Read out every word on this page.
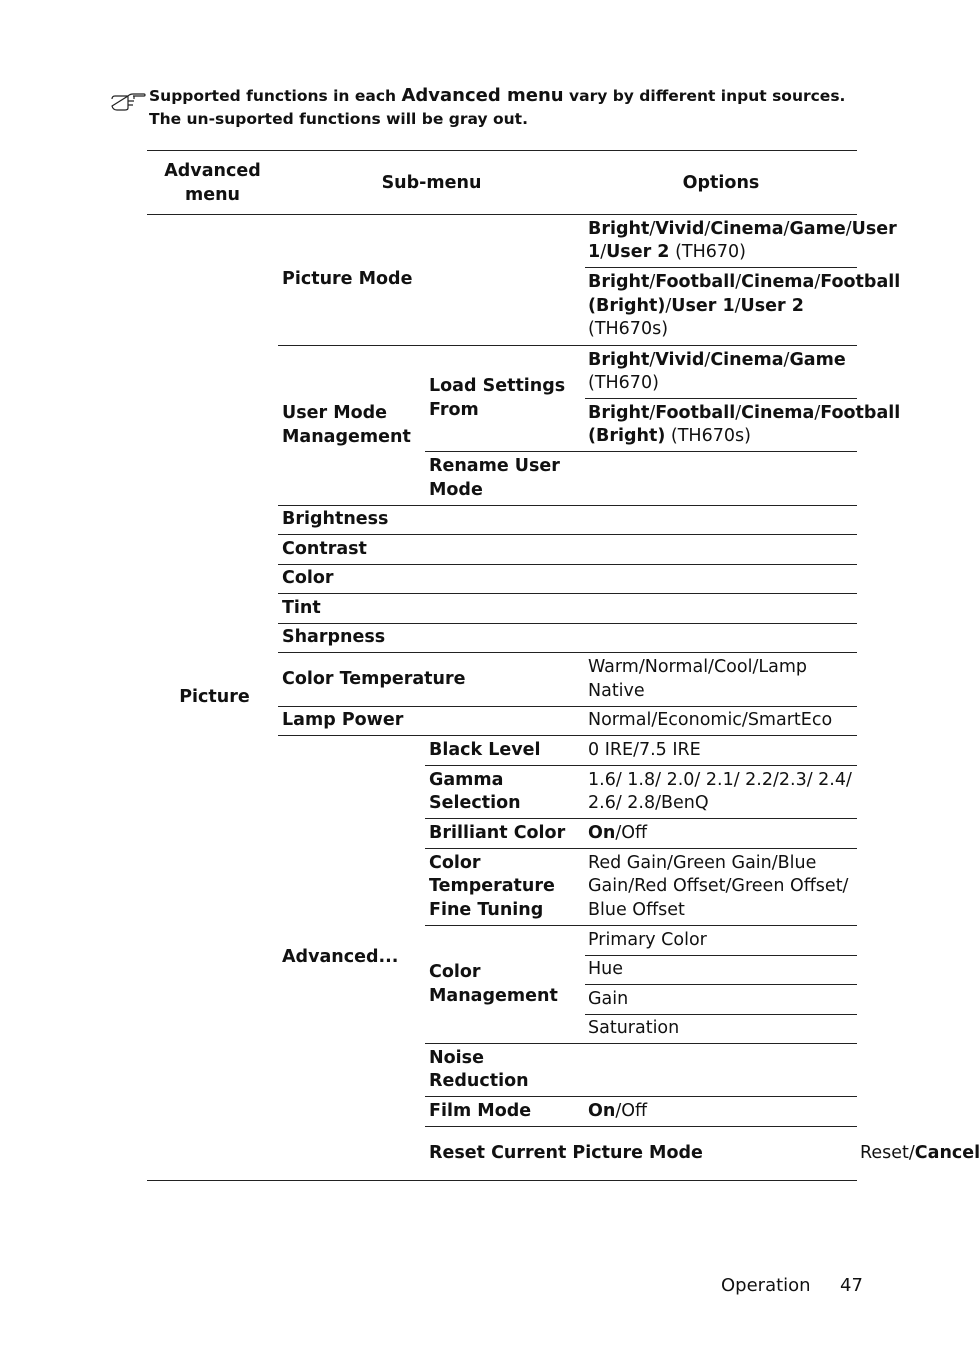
Supported functions in each Advanced menu vary by different input sources. The un-suported functions will be gray out.
Advanced menu	Sub-menu		Options	
Picture	Picture Mode		Bright/Vivid/Cinema/Game/User 1/User 2 (TH670)	
			Bright/Football/Cinema/Football (Bright)/User 1/User 2 (TH670s)	
	User Mode Management	Load Settings From	Bright/Vivid/Cinema/Game (TH670)	
			Bright/Football/Cinema/Football (Bright) (TH670s)	
		Rename User Mode		
	Brightness			
	Contrast			
	Color			
	Tint			
	Sharpness			
	Color Temperature		Warm/Normal/Cool/Lamp Native	
	Lamp Power		Normal/Economic/SmartEco	
	Advanced...	Black Level	0 IRE/7.5 IRE	
		Gamma Selection	1.6/ 1.8/ 2.0/ 2.1/ 2.2/2.3/ 2.4/ 2.6/ 2.8/BenQ	
		Brilliant Color	On/Off	
		Color Temperature Fine Tuning	Red Gain/Green Gain/Blue Gain/Red Offset/Green Offset/ Blue Offset	
		Color Management	Primary Color	
			Hue	
			Gain	
			Saturation	
		Noise Reduction		
		Film Mode	On/Off	
		Reset Current Picture Mode		Reset/Cancel
Operation 47
